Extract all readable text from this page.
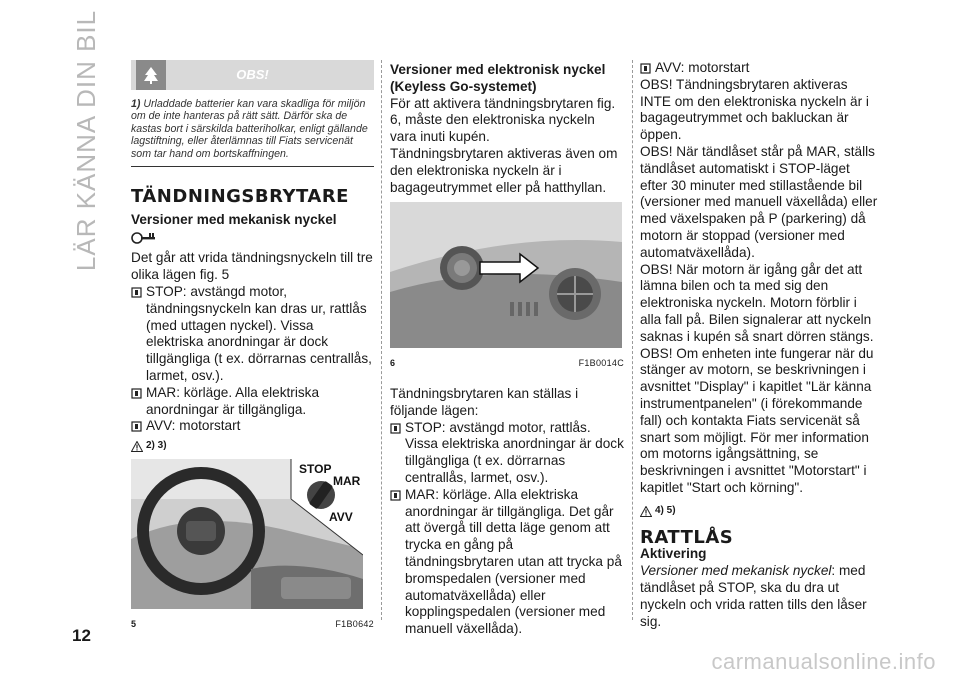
LÄR KÄNNA DIN BIL	OBS!
1) Urladdade batterier kan vara skadliga för miljön om de inte hanteras på rätt sätt. Därför ska de kastas bort i särskilda batteriholkar, enligt gällande lagstiftning, eller återlämnas till Fiats servicenät som tar hand om bortskaffningen.
TÄNDNINGSBRYTARE
Versioner med mekanisk nyckel

Det går att vrida tändningsnyckeln till tre olika lägen fig. 5

STOP: avstängd motor, tändningsnyckeln kan dras ur, rattlås (med uttagen nyckel). Vissa elektriska anordningar är dock tillgängliga (t ex. dörrarnas centrallås, larmet, osv.).

MAR: körläge. Alla elektriska anordningar är tillgängliga.

AVV: motorstart

2) 3)
STOP
MAR
AVV
5	F1B0642
Versioner med elektronisk nyckel (Keyless Go-systemet)

För att aktivera tändningsbrytaren fig. 6, måste den elektroniska nyckeln vara inuti kupén.

Tändningsbrytaren aktiveras även om den elektroniska nyckeln är i bagageutrymmet eller på hatthyllan.

6	F1B0014C

Tändningsbrytaren kan ställas i följande lägen:

STOP: avstängd motor, rattlås. Vissa elektriska anordningar är dock tillgängliga (t ex. dörrarnas centrallås, larmet, osv.).

MAR: körläge. Alla elektriska anordningar är tillgängliga. Det går att övergå till detta läge genom att trycka en gång på tändningsbrytaren utan att trycka på bromspedalen (versioner med automatväxellåda) eller kopplingspedalen (versioner med manuell växellåda).

AVV: motorstart

OBS! Tändningsbrytaren aktiveras INTE om den elektroniska nyckeln är i bagageutrymmet och bakluckan är öppen.

OBS! När tändlåset står på MAR, ställs tändlåset automatiskt i STOP-läget efter 30 minuter med stillastående bil (versioner med manuell växellåda) eller med växelspaken på P (parkering) då motorn är stoppad (versioner med automatväxellåda).

OBS! När motorn är igång går det att lämna bilen och ta med sig den elektroniska nyckeln. Motorn förblir i alla fall på. Bilen signalerar att nyckeln saknas i kupén så snart dörren stängs.

OBS! Om enheten inte fungerar när du stänger av motorn, se beskrivningen i avsnittet "Display" i kapitlet "Lär känna instrumentpanelen" (i förekommande fall) och kontakta Fiats servicenät så snart som möjligt. För mer information om motorns igångsättning, se beskrivningen i avsnittet "Motorstart" i kapitlet "Start och körning".

4) 5)
RATTLÅS
Aktivering

Versioner med mekanisk nyckel: med tändlåset på STOP, ska du dra ut nyckeln och vrida ratten tills den låser sig.

12
carmanualsonline.info
